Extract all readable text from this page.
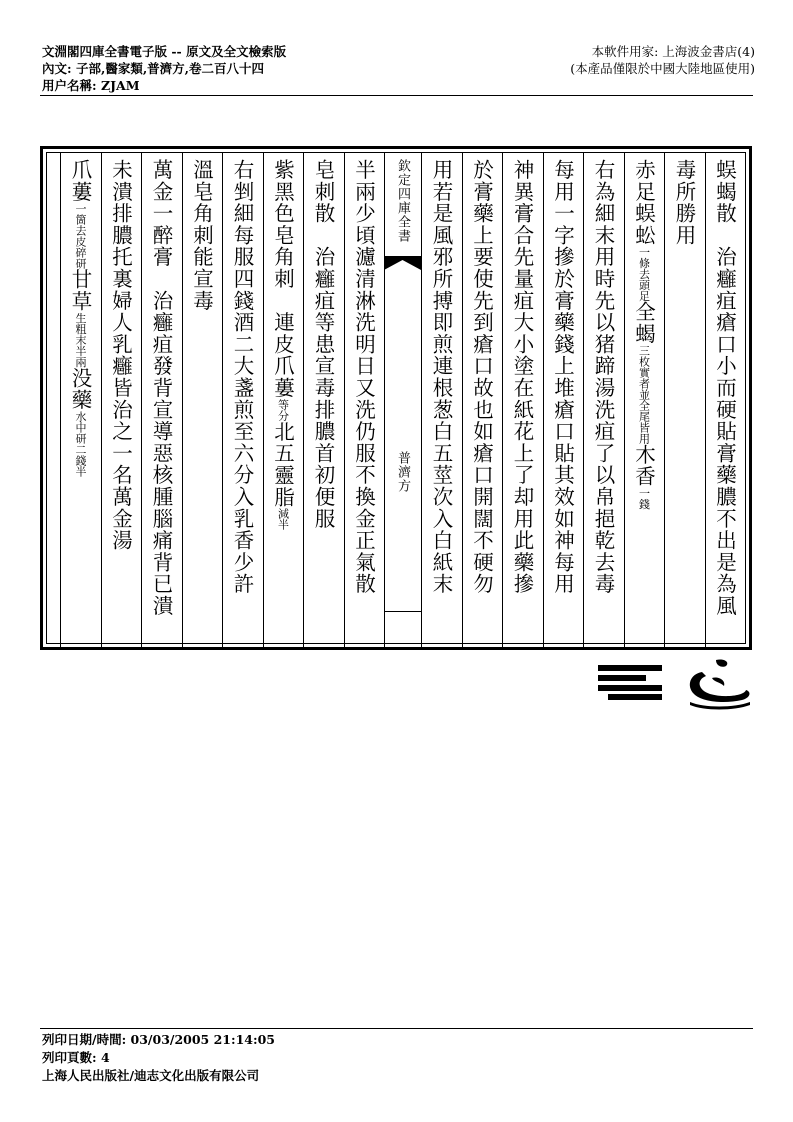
文淵閣四庫全書電子版 -- 原文及全文檢索版
內文: 子部,醫家類,普濟方,卷二百八十四
用户名稱: ZJAM
本軟件用家: 上海波金書店(4)
(本產品僅限於中國大陸地區使用)
蜈蝎散　治癰疽瘡口小而硬貼膏藥膿不出是為風
毒所勝用
赤足蜈蚣一條去頭足全蝎三枚實者並全尾皆用木香一錢
右為細末用時先以猪蹄湯洗疽了以帛挹乾去毒
每用一字摻於膏藥錢上堆瘡口貼其效如神每用
神異膏合先量疽大小塗在紙花上了却用此藥摻
於膏藥上要使先到瘡口故也如瘡口開闊不硬勿
用若是風邪所搏即煎連根葱白五莖次入白紙末
欽定四庫全書
普濟方
半兩少頃濾清淋洗明日又洗仍服不換金正氣散
皂刺散　治癰疽等患宣毒排膿首初便服
紫黑色皂角刺　連皮爪蔞等分北五靈脂減半
右剉細每服四錢酒二大盞煎至六分入乳香少許
溫皂角刺能宣毒
萬金一醉膏　治癰疽發背宣導惡核腫腦痛背已潰
未潰排膿托裏婦人乳癰皆治之一名萬金湯
爪蔞一箇去皮碎研甘草生粗末半兩没藥水中研二錢半
列印日期/時間: 03/03/2005 21:14:05
列印頁數: 4
上海人民出版社/迪志文化出版有限公司
